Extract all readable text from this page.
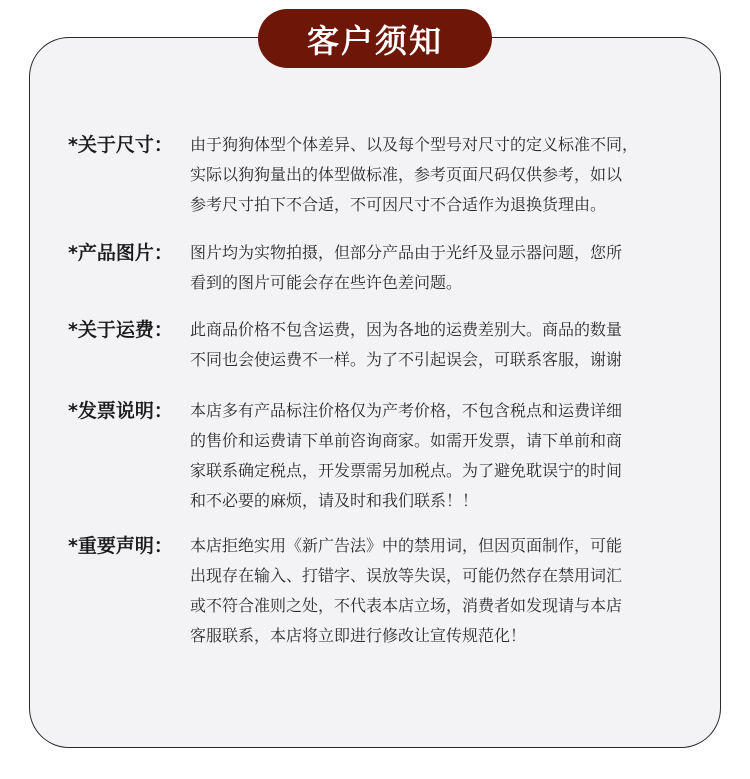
客户须知
*关于尺寸：	由于狗狗体型个体差异、以及每个型号对尺寸的定义标准不同，
实际以狗狗量出的体型做标准，参考页面尺码仅供参考，如以
参考尺寸拍下不合适，不可因尺寸不合适作为退换货理由。
*产品图片：	图片均为实物拍摄，但部分产品由于光纤及显示器问题，您所
看到的图片可能会存在些许色差问题。
*关于运费：	此商品价格不包含运费，因为各地的运费差别大。商品的数量
不同也会使运费不一样。为了不引起误会，可联系客服，谢谢
*发票说明：	本店多有产品标注价格仅为产考价格，不包含税点和运费详细
的售价和运费请下单前咨询商家。如需开发票，请下单前和商
家联系确定税点，开发票需另加税点。为了避免耽误宁的时间
和不必要的麻烦，请及时和我们联系！！
*重要声明：	本店拒绝实用《新广告法》中的禁用词，但因页面制作，可能
出现存在输入、打错字、误放等失误，可能仍然存在禁用词汇
或不符合准则之处，不代表本店立场，消费者如发现请与本店
客服联系，本店将立即进行修改让宣传规范化！
